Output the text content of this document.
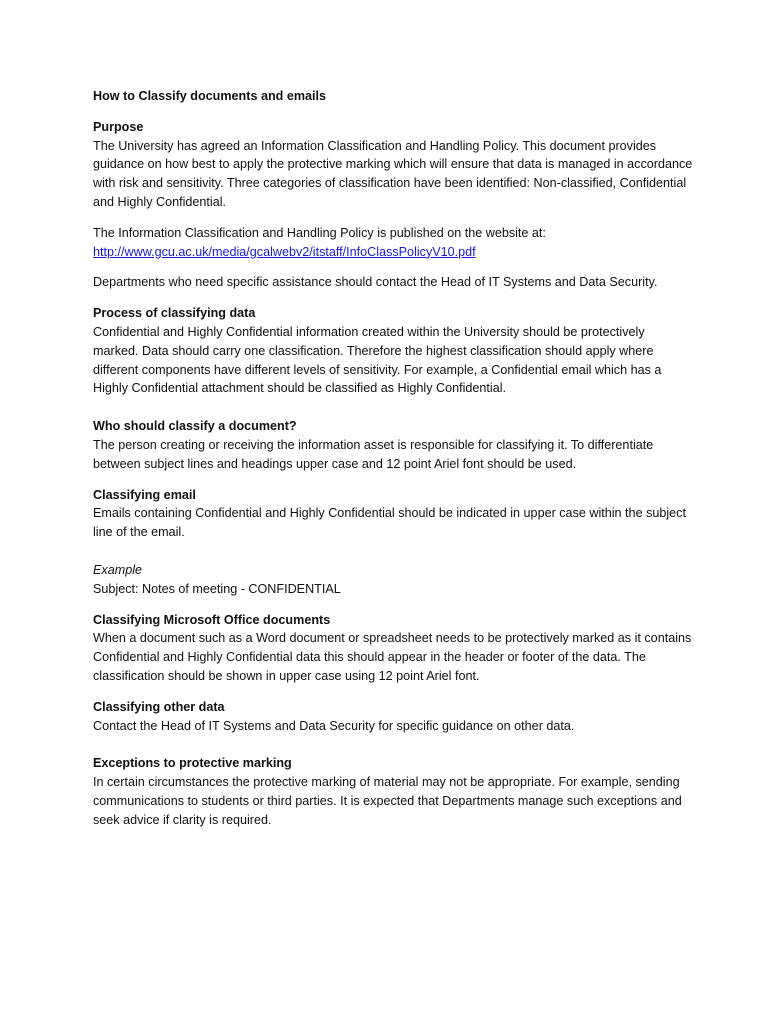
How to Classify documents and emails
Purpose

The University has agreed an Information Classification and Handling Policy. This document provides guidance on how best to apply the protective marking which will ensure that data is managed in accordance with risk and sensitivity. Three categories of classification have been identified: Non-classified, Confidential and Highly Confidential.

The Information Classification and Handling Policy is published on the website at:

http://www.gcu.ac.uk/media/gcalwebv2/itstaff/InfoClassPolicyV10.pdf

Departments who need specific assistance should contact the Head of IT Systems and Data Security.

Process of classifying data

Confidential and Highly Confidential information created within the University should be protectively marked. Data should carry one classification. Therefore the highest classification should apply where different components have different levels of sensitivity. For example, a Confidential email which has a Highly Confidential attachment should be classified as Highly Confidential.

Who should classify a document?

The person creating or receiving the information asset is responsible for classifying it. To differentiate between subject lines and headings upper case and 12 point Ariel font should be used.

Classifying email

Emails containing Confidential and Highly Confidential should be indicated in upper case within the subject line of the email.

Example

Subject: Notes of meeting - CONFIDENTIAL

Classifying Microsoft Office documents

When a document such as a Word document or spreadsheet needs to be protectively marked as it contains Confidential and Highly Confidential data this should appear in the header or footer of the data. The classification should be shown in upper case using 12 point Ariel font.

Classifying other data

Contact the Head of IT Systems and Data Security for specific guidance on other data.

Exceptions to protective marking

In certain circumstances the protective marking of material may not be appropriate. For example, sending communications to students or third parties. It is expected that Departments manage such exceptions and seek advice if clarity is required.
